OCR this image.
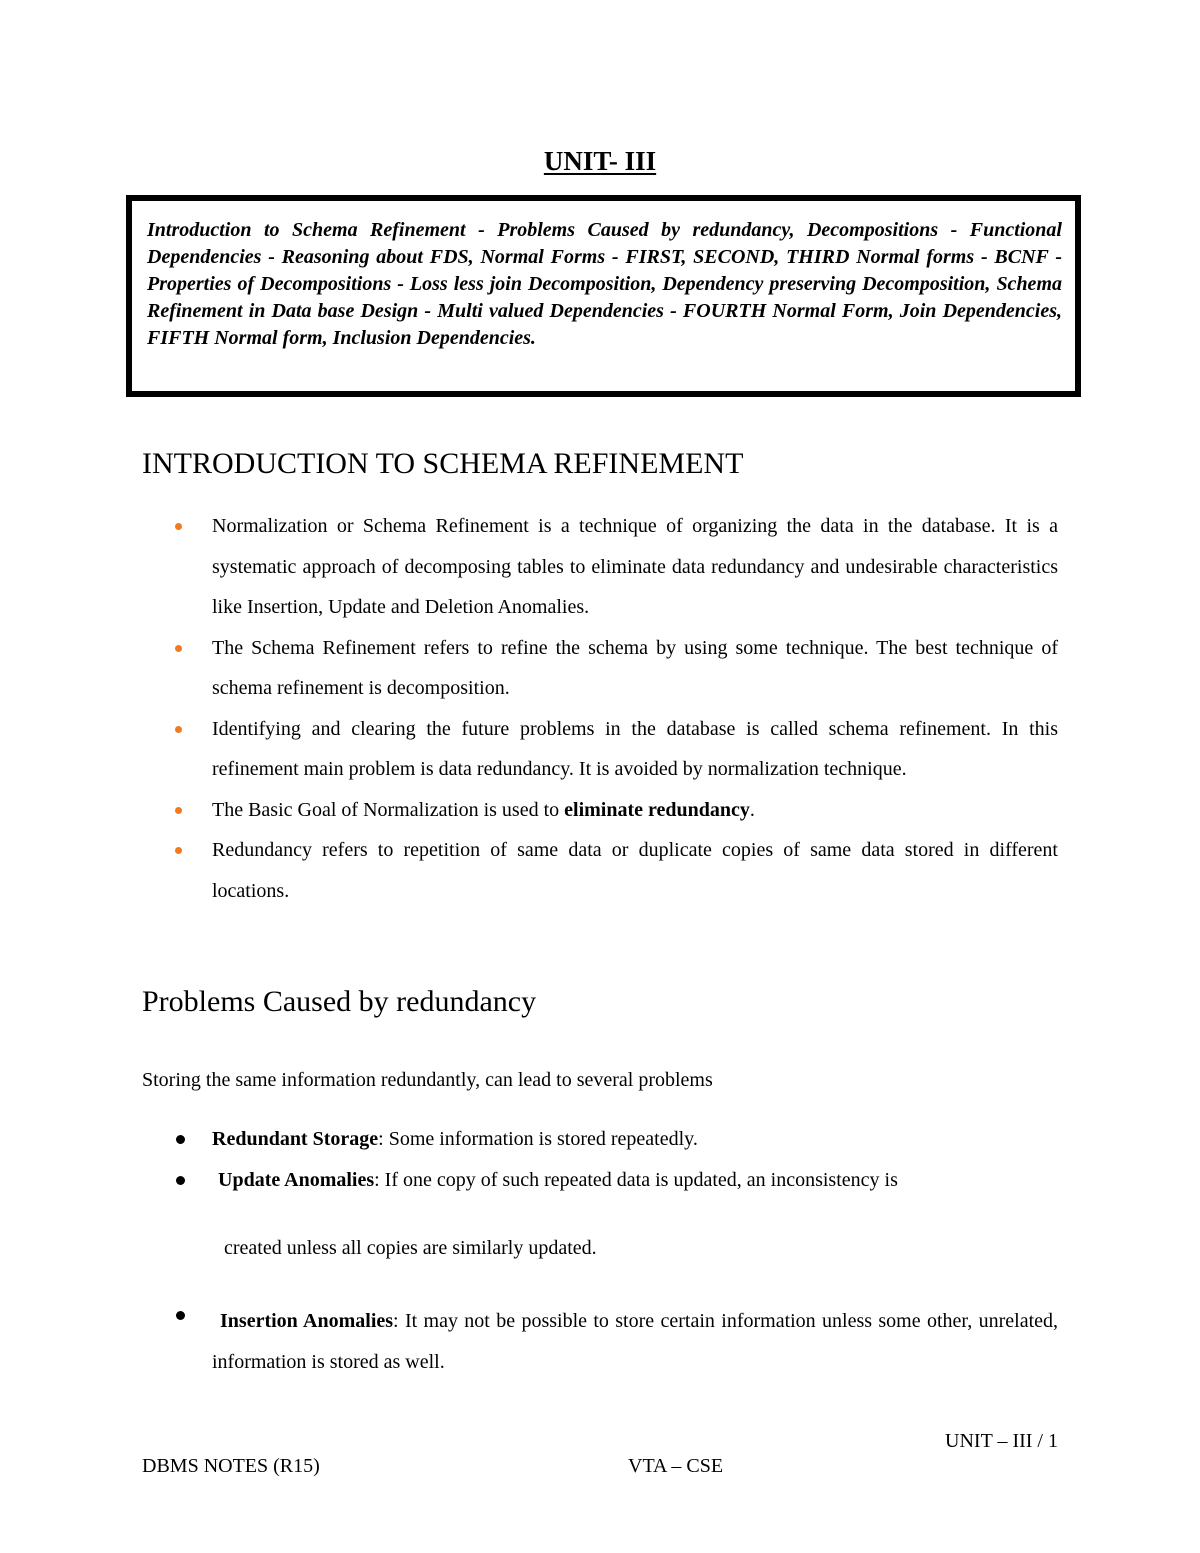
UNIT- III
Introduction to Schema Refinement - Problems Caused by redundancy, Decompositions - Functional Dependencies - Reasoning about FDS, Normal Forms - FIRST, SECOND, THIRD Normal forms - BCNF - Properties of Decompositions - Loss less join Decomposition, Dependency preserving Decomposition, Schema Refinement in Data base Design - Multi valued Dependencies - FOURTH Normal Form, Join Dependencies, FIFTH Normal form, Inclusion Dependencies.
INTRODUCTION TO SCHEMA REFINEMENT
Normalization or Schema Refinement is a technique of organizing the data in the database. It is a systematic approach of decomposing tables to eliminate data redundancy and undesirable characteristics like Insertion, Update and Deletion Anomalies.
The Schema Refinement refers to refine the schema by using some technique. The best technique of schema refinement is decomposition.
Identifying and clearing the future problems in the database is called schema refinement. In this refinement main problem is data redundancy. It is avoided by normalization technique.
The Basic Goal of Normalization is used to eliminate redundancy.
Redundancy refers to repetition of same data or duplicate copies of same data stored in different locations.
Problems Caused by redundancy
Storing the same information redundantly, can lead to several problems
Redundant Storage: Some information is stored repeatedly.
Update Anomalies: If one copy of such repeated data is updated, an inconsistency is
created unless all copies are similarly updated.
Insertion Anomalies: It may not be possible to store certain information unless some other, unrelated, information is stored as well.
UNIT – III / 1
DBMS NOTES (R15)	VTA – CSE
